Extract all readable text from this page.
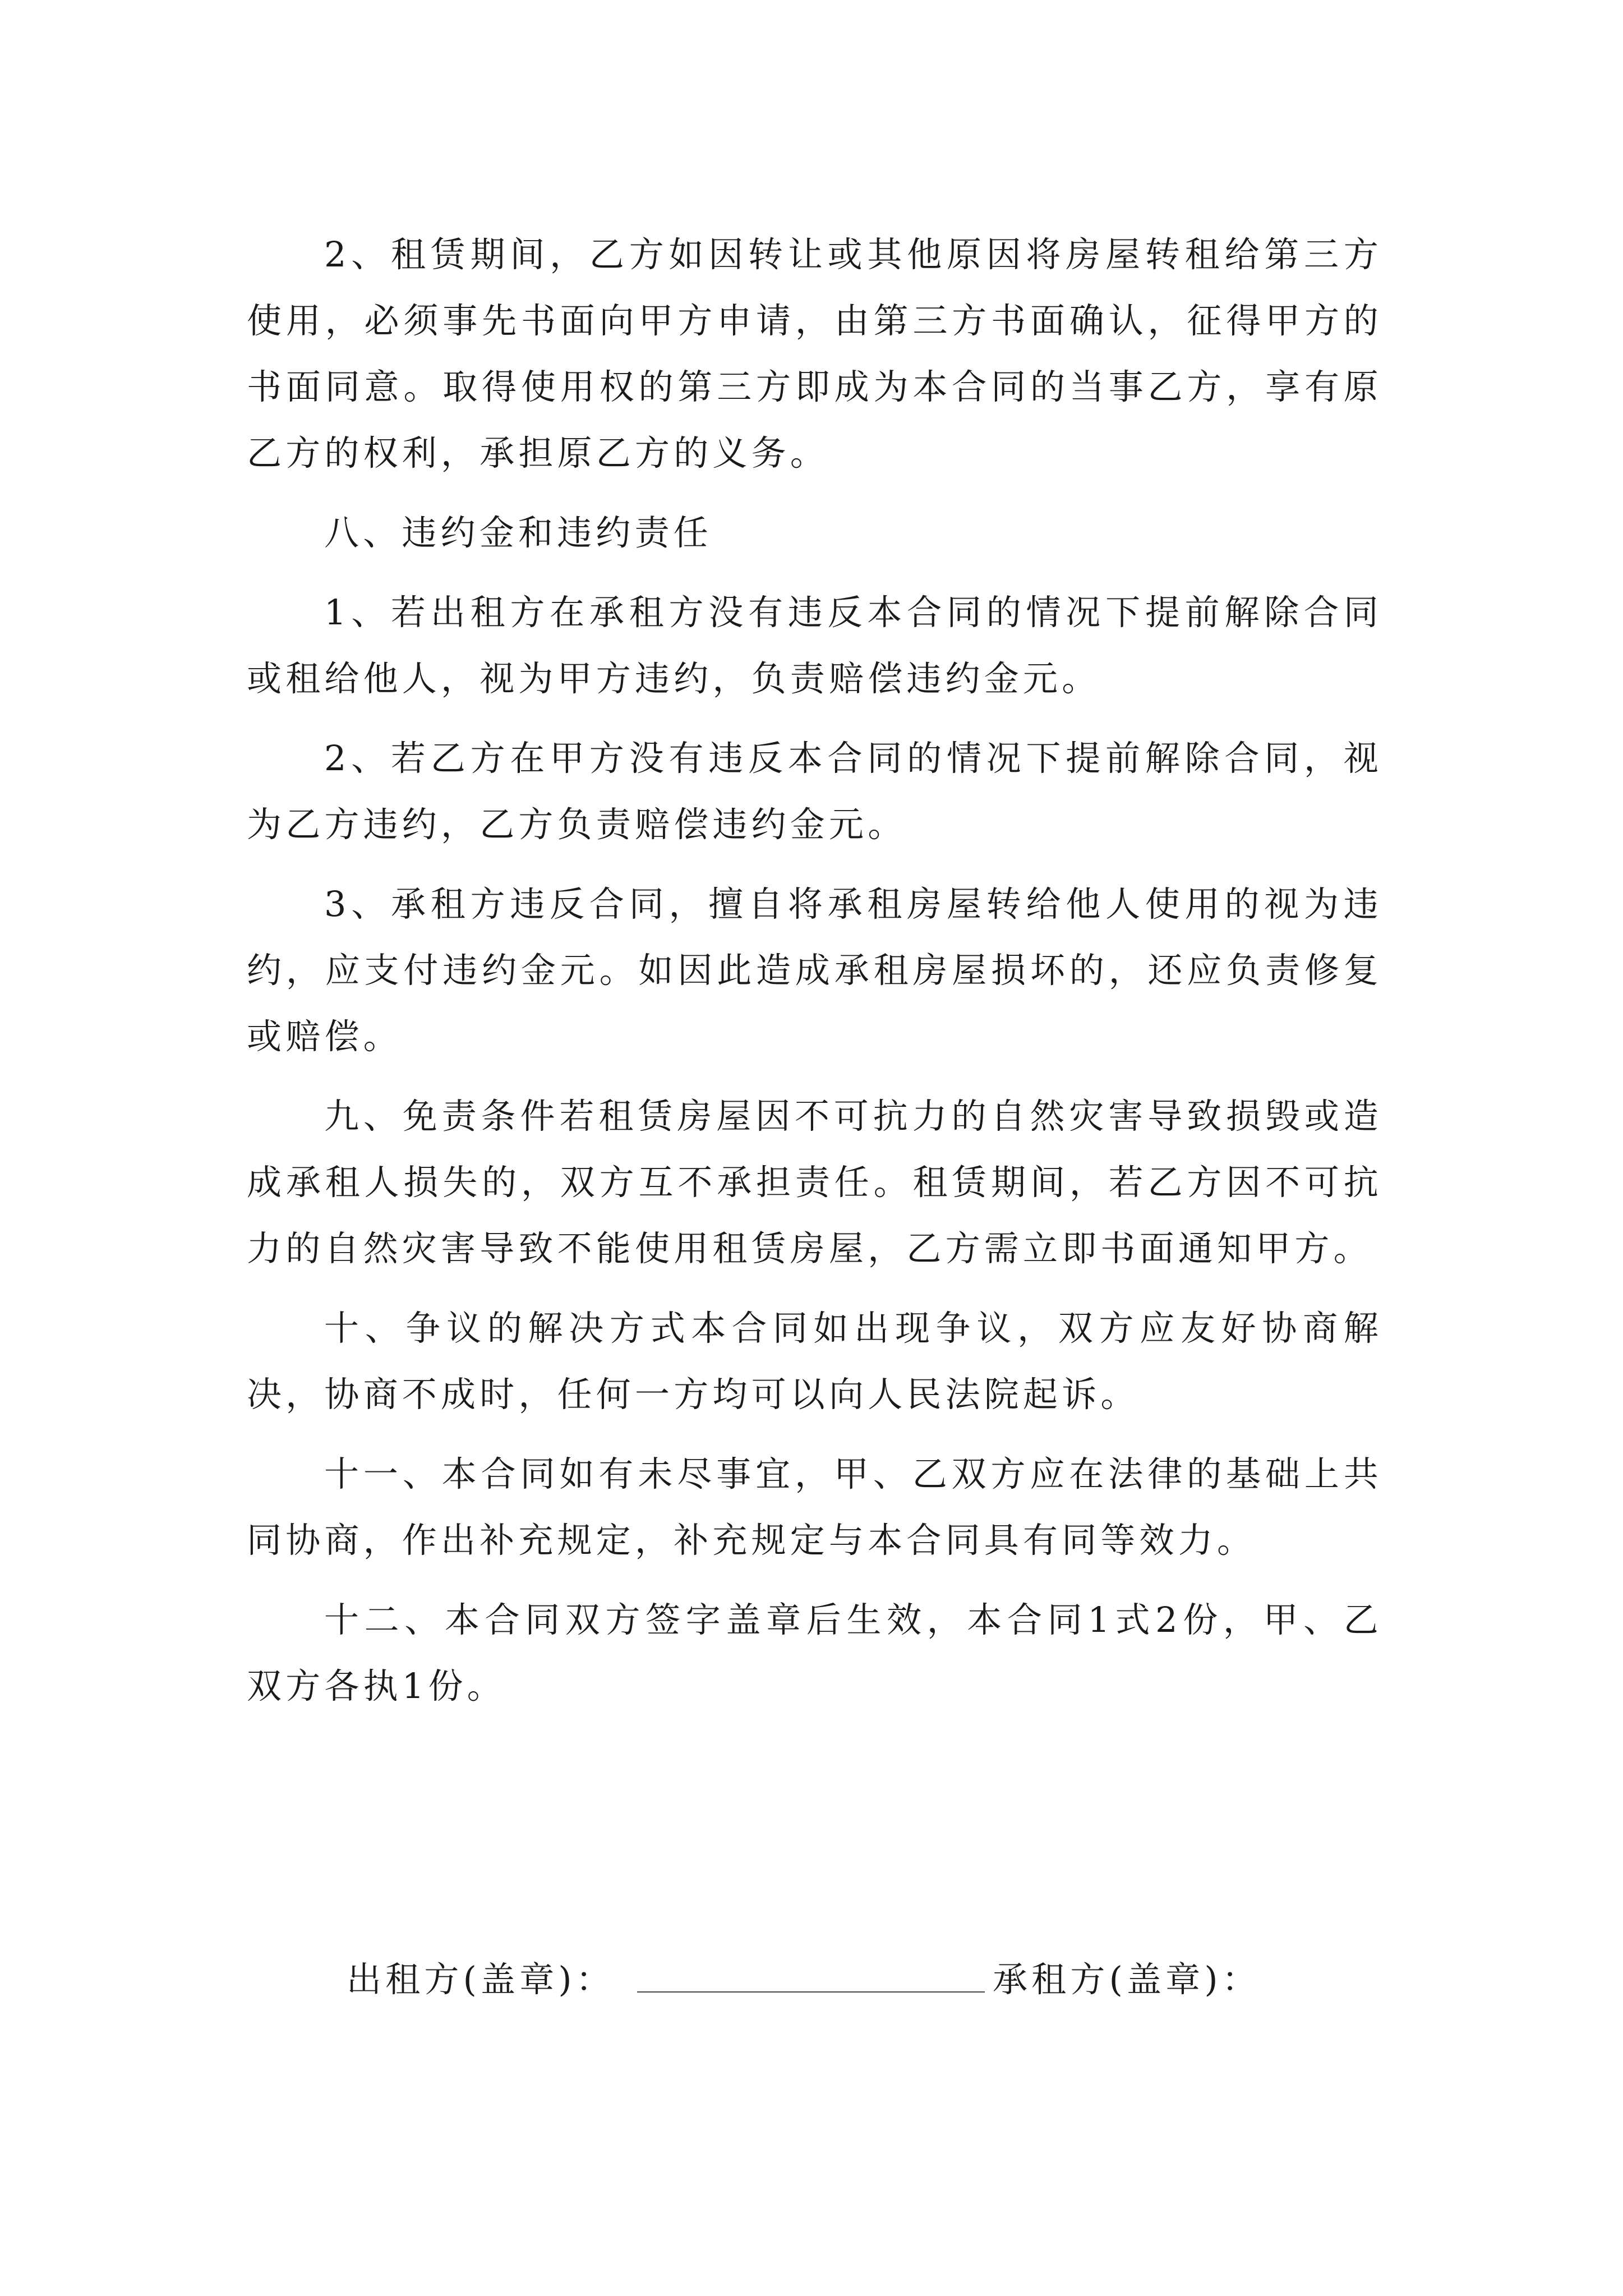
2、租赁期间，乙方如因转让或其他原因将房屋转租给第三方使用，必须事先书面向甲方申请，由第三方书面确认，征得甲方的书面同意。取得使用权的第三方即成为本合同的当事乙方，享有原乙方的权利，承担原乙方的义务。

八、违约金和违约责任

1、若出租方在承租方没有违反本合同的情况下提前解除合同或租给他人，视为甲方违约，负责赔偿违约金元。

2、若乙方在甲方没有违反本合同的情况下提前解除合同，视为乙方违约，乙方负责赔偿违约金元。

3、承租方违反合同，擅自将承租房屋转给他人使用的视为违约，应支付违约金元。如因此造成承租房屋损坏的，还应负责修复或赔偿。

九、免责条件若租赁房屋因不可抗力的自然灾害导致损毁或造成承租人损失的，双方互不承担责任。租赁期间，若乙方因不可抗力的自然灾害导致不能使用租赁房屋，乙方需立即书面通知甲方。

十、争议的解决方式本合同如出现争议，双方应友好协商解决，协商不成时，任何一方均可以向人民法院起诉。

十一、本合同如有未尽事宜，甲、乙双方应在法律的基础上共同协商，作出补充规定，补充规定与本合同具有同等效力。

十二、本合同双方签字盖章后生效，本合同1式2份，甲、乙双方各执1份。

出租方(盖章)：	承租方(盖章)：
